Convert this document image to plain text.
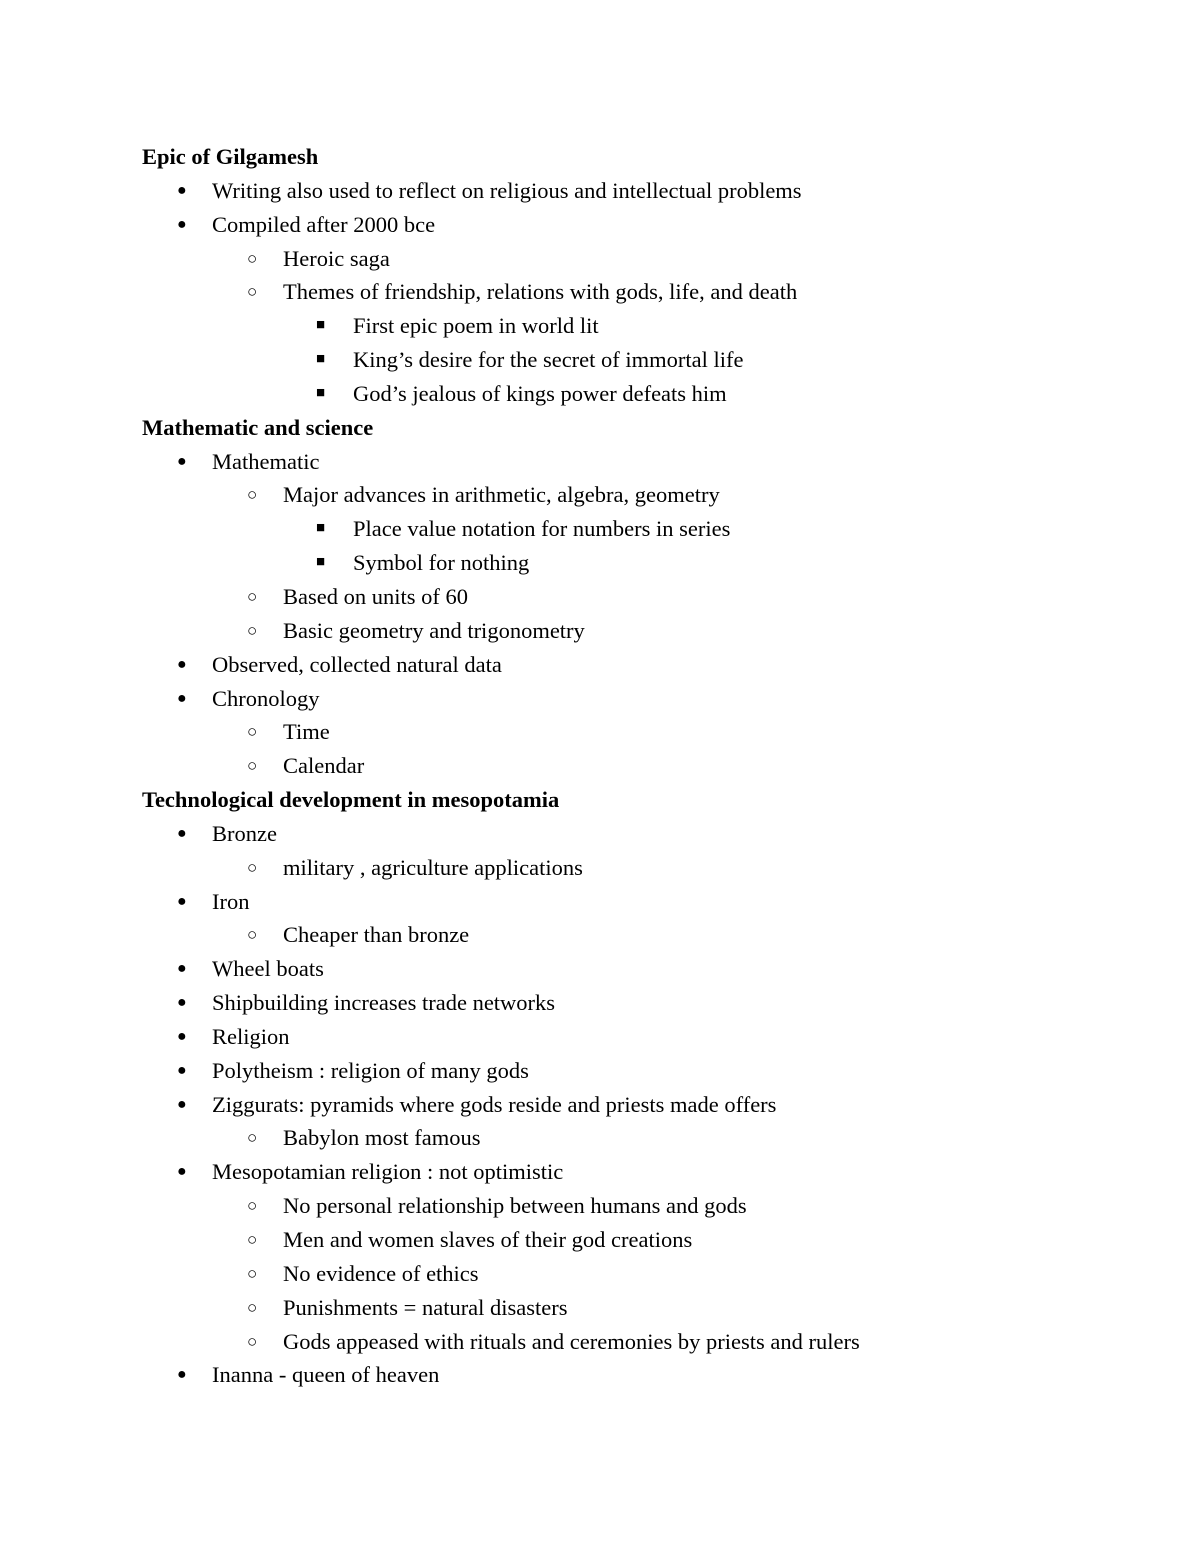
Epic of Gilgamesh
● Writing also used to reflect on religious and intellectual problems
● Compiled after 2000 bce
○ Heroic saga
○ Themes of friendship, relations with gods, life, and death
■ First epic poem in world lit
■ King’s desire for the secret of immortal life
■ God’s jealous of kings power defeats him
Mathematic and science
● Mathematic
○ Major advances in arithmetic, algebra, geometry
■ Place value notation for numbers in series
■ Symbol for nothing
○ Based on units of 60
○ Basic geometry and trigonometry
● Observed, collected natural data
● Chronology
○ Time
○ Calendar
Technological development in mesopotamia
● Bronze
○ military , agriculture applications
● Iron
○ Cheaper than bronze
● Wheel boats
● Shipbuilding increases trade networks
● Religion
● Polytheism : religion of many gods
● Ziggurats: pyramids where gods reside and priests made offers
○ Babylon most famous
● Mesopotamian religion : not optimistic
○ No personal relationship between humans and gods
○ Men and women slaves of their god creations
○ No evidence of ethics
○ Punishments = natural disasters
○ Gods appeased with rituals and ceremonies by priests and rulers
● Inanna - queen of heaven
